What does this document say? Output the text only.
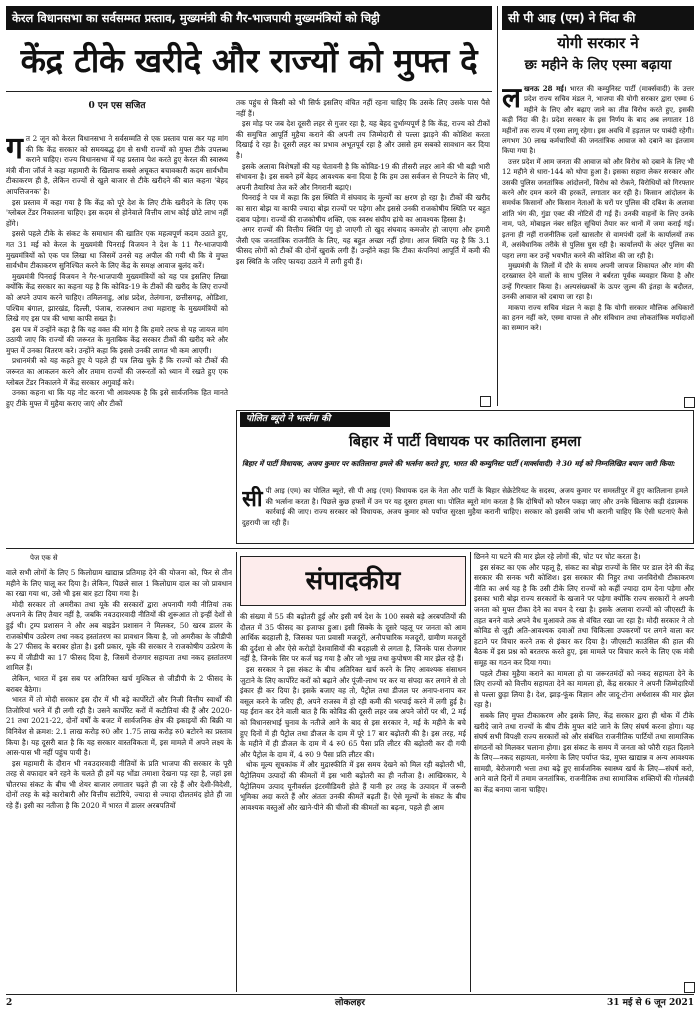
केरल विधानसभा का सर्वसम्मत प्रस्ताव, मुख्यमंत्री की गैर-भाजपायी मुख्यमंत्रियों को चिट्ठी
केंद्र टीके खरीदे और राज्यों को मुफ्त दे
0 एन एस सजित
ग त 2 जून को केरल विधानसभा ने सर्वसम्मति से एक प्रस्ताव पास कर यह मांग की कि केंद्र सरकार को समयबद्ध ढ़ंग से सभी राज्यों को मुफ्त टीके उपलब्ध कराने चाहिए। राज्य विधानसभा में यह प्रस्ताव पेश करते हुए केरल की स्वास्थ्य मंत्री वीना जॉर्ज ने कहा महामारी के खिलाफ सबसे अचूकत बचावकारी कदम सार्वभौम टीकाकरण ही है, लेकिन राज्यों से खुले बाजार से टीके खरीदने की बात कहना 'बेहद आपत्तिजनक' है।

इस प्रस्ताव में कहा गया है कि केंद्र को पूरे देश के लिए टीके खरीदने के लिए एक 'ग्लोबल टेंडर निकालना चाहिए। इस कदम से होनेवाले वित्तीय लाभ कोई छोटे लाभ नहीं होंगे।

इससे पहले टीके के संकट के समाधान की खातिर एक महत्वपूर्ण कदम उठाते हुए, गत 31 मई को केरल के मुख्यमंत्री पिनराई विजयन ने देश के 11 गैर-भाजपायी मुख्यमंत्रियों को एक पत्र लिखा था जिसमें उनसे यह अपील की गयी थी कि वे मुफ्त सार्वभौम टीकाकरण सुनिश्चित करने के लिए केंद्र के समक्ष आवाज बुलंद करें।

मुख्यमंत्री पिनराई विजयन ने गैर-भाजपायी मुख्यमंत्रियों को यह पत्र इसलिए लिखा क्योंकि केंद्र सरकार का कहना यह है कि कोविड-19 के टीकों की खरीद के लिए राज्यों को अपने उपाय करने चाहिए। तमिलनाडु, आंध्र प्रदेश, तेलंगाना, छत्तीसगढ़, ओडिशा, पश्चिम बंगाल, झारखंड, दिल्ली, पंजाब, राजस्थान तथा महाराष्ट्र के मुख्यमंत्रियों को लिखे गए इस पत्र की भाषा काफी सख्त है।

इस पत्र में उन्होंने कहा है कि यह वक्त की मांग है कि हमारे तरफ से यह जायज मांग उठायी जाए कि राज्यों की जरूरत के मुताबिक केंद्र सरकार टीकों की खरीद करे और मुफ्त में उनका वितरण करे। उन्होंने कहा कि इससे उनकी लागत भी कम आएगी।

प्रधानमंत्री को यह कहते हुए ये पहले ही पत्र लिख चुके हैं कि राज्यों को टीकों की जरूरत का आकलन करने और तमाम राज्यों की जरूरतों को ध्यान में रखते हुए एक ग्लोबल टेंडर निकालने में केंद्र सरकार अगुवाई करे।

उनका कहना था कि यह नोट करना भी आवश्यक है कि इसे सार्वजनिक हित मानते हुए टीके मुफ्त में मुहैया कराए जाएं और टीकों

तक पहुंच से किसी को भी सिर्फ इसलिए वंचित नहीं रहना चाहिए कि उसके लिए उसके पास पैसे नहीं हैं।

इस मोड़ पर जब देश दूसरी लहर से गुजर रहा है, यह बेहद दुर्भाग्यपूर्ण है कि केंद्र, राज्य को टीकों की समुचित आपूर्ति मुहैया कराने की अपनी तय जिम्मेदारी से पल्ला झाड़ने की कोशिश करता दिखाई दे रहा है। दूसरी लहर का प्रभाव अभूतपूर्व रहा है और उससे हम सबको सावधान कर दिया है।

इसके अलावा विशेषज्ञों की यह चेतावनी है कि कोविड-19 की तीसरी लहर आने की भी बड़ी भारी संभावना है। इस सबने हमें बेहद आवश्यक बना दिया है कि हम उस सर्वजन से निपटने के लिए भी, अपनी तैयारियां तेज करें और निगरानी बढ़ाएं।

पिनराई ने पत्र में कहा कि इस स्थिति में संघवाद के मूल्यों का क्षरण हो रहा है। टीकों की खरीद का सारा बोझ या काफी ज्यादा बोझ राज्यों पर पड़ेगा और इससे उनकी राजकोषीय स्थिति पर बहुत दबाव पड़ेगा। राज्यों की राजकोषीय शक्ति, एक स्वस्थ संघीय ढ़ांचे का आवश्यक हिस्सा है।

अगर राज्यों की वित्तीय स्थिति पंगु हो जाएगी तो खुद संघवाद कमजोर हो जाएगा और हमारी जैसी एक जनतांत्रिक राजनीति के लिए, यह बहुत अच्छा नहीं होगा। आज स्थिति यह है कि 3.1 फीसद लोगों को टीकों की दोनों खुराकें लगी हैं। उन्होंने कहा कि टीका कंपनियां आपूर्ति में कमी की इस स्थिति के जरिए फायदा उठाने में लगी हुयी हैं।

सी पी आइ (एम) ने निंदा की
योगी सरकार ने
छः महीने के लिए एस्मा बढ़ाया
ल खनऊ 28 मई। भारत की कम्युनिस्ट पार्टी (मार्क्सवादी) के उत्तर प्रदेश राज्य सचिव मंडल ने, भाजपा की योगी सरकार द्वारा एस्मा 6 महीने के लिए और बढ़ाए जाने का तीव्र विरोध करते हुए, इसकी कड़ी निंदा की है। प्रदेश सरकार के इस निर्णय के बाद अब लगातार 18 महीनों तक राज्य में एस्मा लागू रहेगा। इस अवधि में हड़ताल पर पाबंदी रहेगी। लगभग 30 लाख कर्मचारियों की जनतांत्रिक आवाज को दबाने का इंतजाम किया गया है।

उत्तर प्रदेश में आम जनता की आवाज को और विरोध को दबाने के लिए भी 12 महीने से धारा-144 को थोपा हुआ है। इसका सहारा लेकर सरकार और उसकी पुलिस जनतांत्रिक आंदोलनों, विरोध को रोकने, विरोधियों को गिरफ्तार करने और दमन करने की हरकतें, लगातार कर रही है। किसान आंदोलन के समर्थक किसानों और किसान नेताओं के घरों पर पुलिस की दबिश के अलावा शांति भंग की, गुंडा एक्ट की नोटिसें दी गई हैं। उनकी वाहनों के लिए उनके नाम, पते, मोबाइल नंबर सहित सूचियां तैयार कर थानों में जमा कराई गई। इतना ही नहीं राजनीतिक दलों खासतौर से वामपंथी दलों के कार्यालयों तक में, असंवैधानिक तरीके से पुलिस घुस रही है। कार्यालयों के अंदर पुलिस का पहरा लगा कर उन्हें भयभीत करने की कोशिश की जा रही है।

मुख्यमंत्री के जिलों में दौरे के समय अपनी जायज शिकायत और मांग की दरख्वास्त देने वालों के साथ पुलिस ने बर्बरता पूर्वक व्यवहार किया है और उन्हें गिरफ्तार किया है। अल्पसंख्यकों के ऊपर जुल्म की इंतहा के बदौलत, उनकी आवाज को दबाया जा रहा है।

माकपा राज्य सचिव मंडल ने कहा है कि योगी सरकार मौलिक अधिकारों का हनन नहीं करे, एस्मा वापस ले और संविधान तथा लोकतांत्रिक मर्यादाओं का सम्मान करे।

पोलित ब्यूरो ने भर्त्सना की
बिहार में पार्टी विधायक पर कातिलाना हमला
बिहार में पार्टी विधायक, अजय कुमार पर कातिलाना हमले की भर्त्सना करते हुए, भारत की कम्युनिस्ट पार्टी (मार्क्सवादी) ने 30 मई को निम्नलिखित बयान जारी किया:
सी पी आइ (एम) का पोलित ब्यूरो, सी पी आइ (एम) विधायक दल के नेता और पार्टी के बिहार सेक्रेटेरियट के सदस्य, अजय कुमार पर समस्तीपुर में हुए कातिलाना हमले की भर्त्सना करता है। पिछले कुछ हफ्तों में उन पर यह दूसरा हमला था। पोलित ब्यूरो मांग करता है कि दोषियों को फौरन पकड़ा जाए और उनके खिलाफ कड़ी दंडात्मक कार्रवाई की जाए। राज्य सरकार को विधायक, अजय कुमार को पर्याप्त सुरक्षा मुहैया करानी चाहिए। सरकार को इसकी जांच भी करानी चाहिए कि ऐसी घटनाएं कैसे दुहरायी जा रही हैं।
पेज एक से

वाले सभी लोगों के लिए 5 किलोग्राम खाद्यान्न प्रतिमाह देने की योजना को, फिर से तीन महीने के लिए चालू कर दिया है। लेकिन, पिछले साल 1 किलोग्राम दाल का जो प्रावधान का रखा गया था, उसे भी इस बार हटा दिया गया है।

मोदी सरकार तो अमरीका तथा यूके की सरकारों द्वारा अपनायी गयी नीतियां तक अपनाने के लिए तैयार नहीं है, जबकि नवउदारवादी नीतियों की शुरूआत तो इन्हीं देशों से हुई थी। ट्रम्प प्रशासन ने और अब बाइडेन प्रशासन ने मिलकर, 50 खरब डालर के राजकोषीय उत्प्रेरण तथा नकद हस्तांतरण का प्रावधान किया है, जो अमरीका के जीडीपी के 27 फीसद के बराबर होता है। इसी प्रकार, यूके की सरकार ने राजकोषीय उत्प्रेरण के रूप में जीडीपी का 17 फीसद दिया है, जिसमें रोजगार सहायता तथा नकद हस्तांतरण शामिल हैं।

लेकिन, भारत में इस सब पर अतिरिक्त खर्च मुश्किल से जीडीपी के 2 फीसद के बराबर बैठेगा।

भारत में तो मोदी सरकार इस दौर में भी बड़े कार्पोरेटों और निजी वित्तीय स्वार्थों की तिजोरियां भरने में ही लगी रही है। उसने कार्पोरेट करों में कटौतियां की हैं और 2020-21 तथा 2021-22, दोनों वर्षों के बजट में सार्वजनिक क्षेत्र की इकाइयों की बिक्री या विनिवेश से क्रमश: 2.1 लाख करोड़ रु0 और 1.75 लाख करोड़ रु0 बटोरने का प्रस्ताव किया है। यह दूसरी बात है कि यह सरकार वास्तविकता में, इस मामले में अपने लक्ष्य के आस-पास भी नहीं पहुंच पायी है।

इस महामारी के दौरान भी नवउदारवादी नीतियों के प्रति भाजपा की सरकार के पूरी तरह से वफादार बने रहने के चलते ही हमें यह भोंडा तमाशा देखना पड़ रहा है, जहां इस चौतरफा संकट के बीच भी शेयर बाजार लगातार चढ़ते ही जा रहे हैं और देशी-विदेशी, दोनों तरह के बड़े कारोबारी और वित्तीय सटोरिये, ज्यादा से ज्यादा दौलतमंद होते ही जा रहे हैं। इसी का नतीजा है कि 2020 में भारत में डालर अरबपतियों

संपादकीय

की संख्या में 55 की बढ़ोतरी हुई और इसी वर्ष देश के 100 सबसे बड़े अरबपतियों की दौलत में 35 फीसद का इजाफा हुआ। इसी सिक्के के दूसरे पहलू पर जनता को आम आर्थिक बदहाली है, जिसका पता प्रवासी मजदूरों, अनौपचारिक मजदूरों, ग्रामीण मजदूरों की दुर्दशा से और ऐसे करोड़ों देशवासियों की बदहाली से लगता है, जिनके पास रोजगार नहीं है, जिनके सिर पर कर्ज चढ़ गया है और जो भूख तथा कुपोषण की मार झेल रहे हैं।

इस सरकार ने इस संकट के बीच अतिरिक्त खर्च करने के लिए आवश्यक संसाधन जुटाने के लिए कार्पोरेट करों को बढ़ाने और पूंजी-लाभ पर कर या संपदा कर लगाने से तो इंकार ही कर दिया है। इसके बजाए वह तो, पैट्रोल तथा डीजल पर अनाप-शनाप कर वसूल करने के जरिए ही, अपने राजस्व में हो रही कमी की भरपाई करने में लगी हुई है। यह ईरान कर देने वाली बात है कि कोविड की दूसरी लहर जब अपने जोरों पर थी, 2 मई को विधानसभाई चुनाव के नतीजे आने के बाद से इस सरकार ने, मई के महीने के बचे हुए दिनों में ही पैट्रोल तथा डीजल के दाम में पूरे 17 बार बढ़ोतरी की है। इस तरह, मई के महीने में ही डीजल के दाम में 4 रु0 65 पैसा प्रति लीटर की बढ़ोतरी कर दी गयी और पैट्रोल के दाम में, 4 रु0 9 पैसा प्रति लीटर की।

थोक मूल्य सूचकांक में और मुद्रास्फीति में इस समय देखने को मिल रही बढ़ोतरी भी, पैट्रोलियम उत्पादों की कीमतों में इस भारी बढ़ोतरी का ही नतीजा है। आखिरकार, ये पैट्रोलियम उत्पाद यूनीवर्सल इंटरमीडियरी होते हैं यानी हर तरह के उत्पादन में जरूरी भूमिका अदा करते हैं और अंततः उनकी कीमतें बढ़ती हैं। ऐसे मूल्यों के संकट के बीच आवश्यक वस्तुओं और खाने-पीने की चीजों की कीमतों का बढ़ना, पहले ही आम

छिनने या घटने की मार झेल रहे लोगों की, चोट पर चोट करता है।

इस संकट का एक और पहलू है, संकट का बोझ राज्यों के सिर पर डाल देने की केंद्र सरकार की सनक भरी कोशिश। इस सरकार की निहुर तथा जनविरोधी टीकाकरण नीति का अर्थ यह है कि उसी टीके लिए राज्यों को कहीं ज्यादा दाम देना पड़ेगा और इसका भारी बोझ राज्य सरकारों के खजाने पर पड़ेगा क्योंकि राज्य सरकारों ने अपनी जनता को मुफ्त टीका देने का वचन दे रखा है। इसके अलावा राज्यों को जीएसटी के तहत बनने वाले अपने वैध मुआवजे तक से वंचित रखा जा रहा है। मोदी सरकार ने तो कोविड से जुड़ी अति-आवश्यक दवाओं तथा चिकित्सा उपकरणों पर लगने वाला कर हटाने पर विचार करने तक से इंकार कर दिया है। जीएसटी काउंसिल की हाल की बैठक में इस प्रश्न को बरतरफ करते हुए, इस मामले पर विचार करने के लिए एक मंत्री समूह का गठन कर दिया गया।

पहले टीका मुहैया कराने का मामला हो या जरूरतमंदों को नकद सहायता देने के लिए राज्यों को वित्तीय सहायता देने का मामला हो, केंद्र सरकार ने अपनी जिम्मेदारियों से पल्ला छुड़ा लिया है। देश, झाड़-फूंक विज्ञान और जादू-टोना अर्थशास्त्र की मार झेल रहा है।

सबके लिए मुफ्त टीकाकरण और इसके लिए, केंद्र सरकार द्वारा ही थोक में टीके खरीदे जाने तथा राज्यों के बीच टीके मुफ्त बांटे जाने के लिए संघर्ष करना होगा। यह संघर्ष सभी विपक्षी राज्य सरकारों को और संबंधित राजनीतिक पार्टियों तथा सामाजिक संगठनों को मिलकर चलाना होगा। इस संकट के समय में जनता को फौरी राहत दिलाने के लिए—नकद सहायता, मनरेगा के लिए पर्याप्त फंड, मुफ्त खाद्यान्न व अन्य आवश्यक सामग्री, बेरोजगारी भत्ता तथा बढ़े हुए सार्वजनिक स्वास्थ्य खर्च के लिए—संघर्ष करो, आने वाले दिनों में तमाम जनतांत्रिक, राजनीतिक तथा सामाजिक शक्तियों की गोलबंदी का केंद्र बनाया जाना चाहिए।

2	लोकलहर	31 मई से 6 जून 2021
